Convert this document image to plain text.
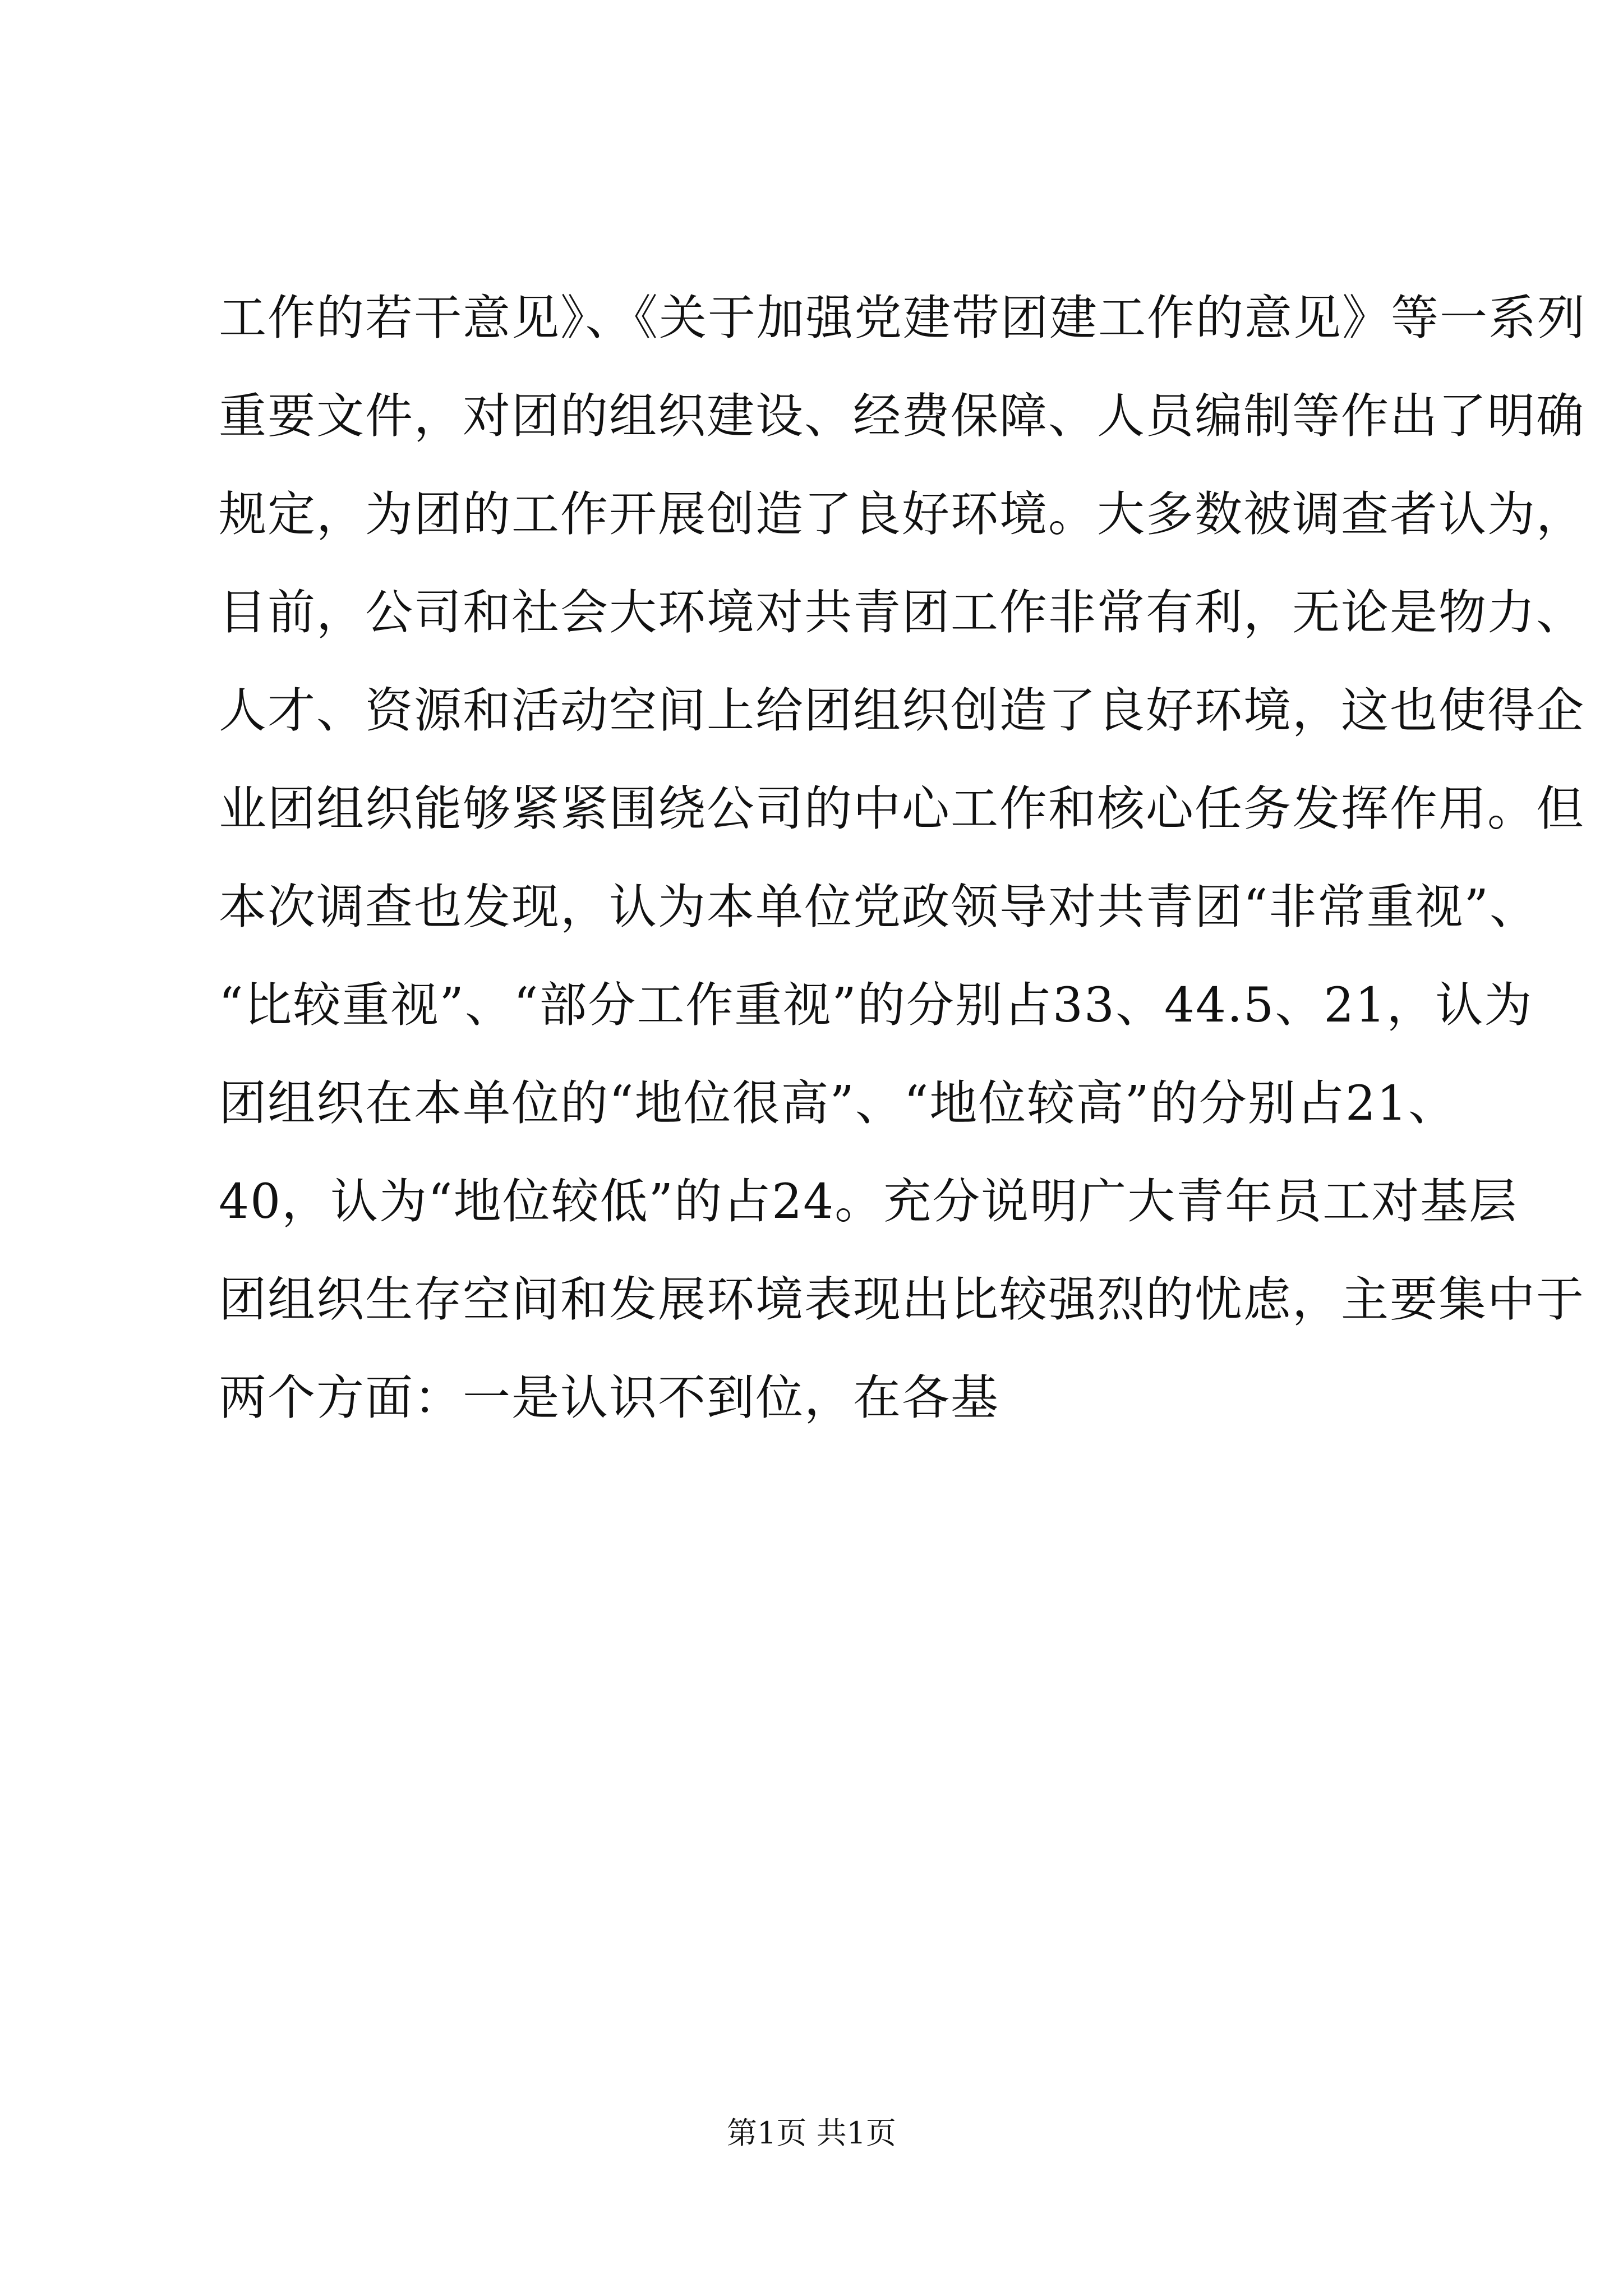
工作的若干意见》、《关于加强党建带团建工作的意见》等一系列
重要文件，对团的组织建设、经费保障、人员编制等作出了明确
规定，为团的工作开展创造了良好环境。大多数被调查者认为，
目前，公司和社会大环境对共青团工作非常有利，无论是物力、
人才、资源和活动空间上给团组织创造了良好环境，这也使得企
业团组织能够紧紧围绕公司的中心工作和核心任务发挥作用。但
本次调查也发现，认为本单位党政领导对共青团“非常重视”、
“比较重视”、“部分工作重视”的分别占33、44.5、21，认为
团组织在本单位的“地位很高”、“地位较高”的分别占21、
40，认为“地位较低”的占24。充分说明广大青年员工对基层
团组织生存空间和发展环境表现出比较强烈的忧虑，主要集中于
两个方面：一是认识不到位，在各基
第1页 共1页
